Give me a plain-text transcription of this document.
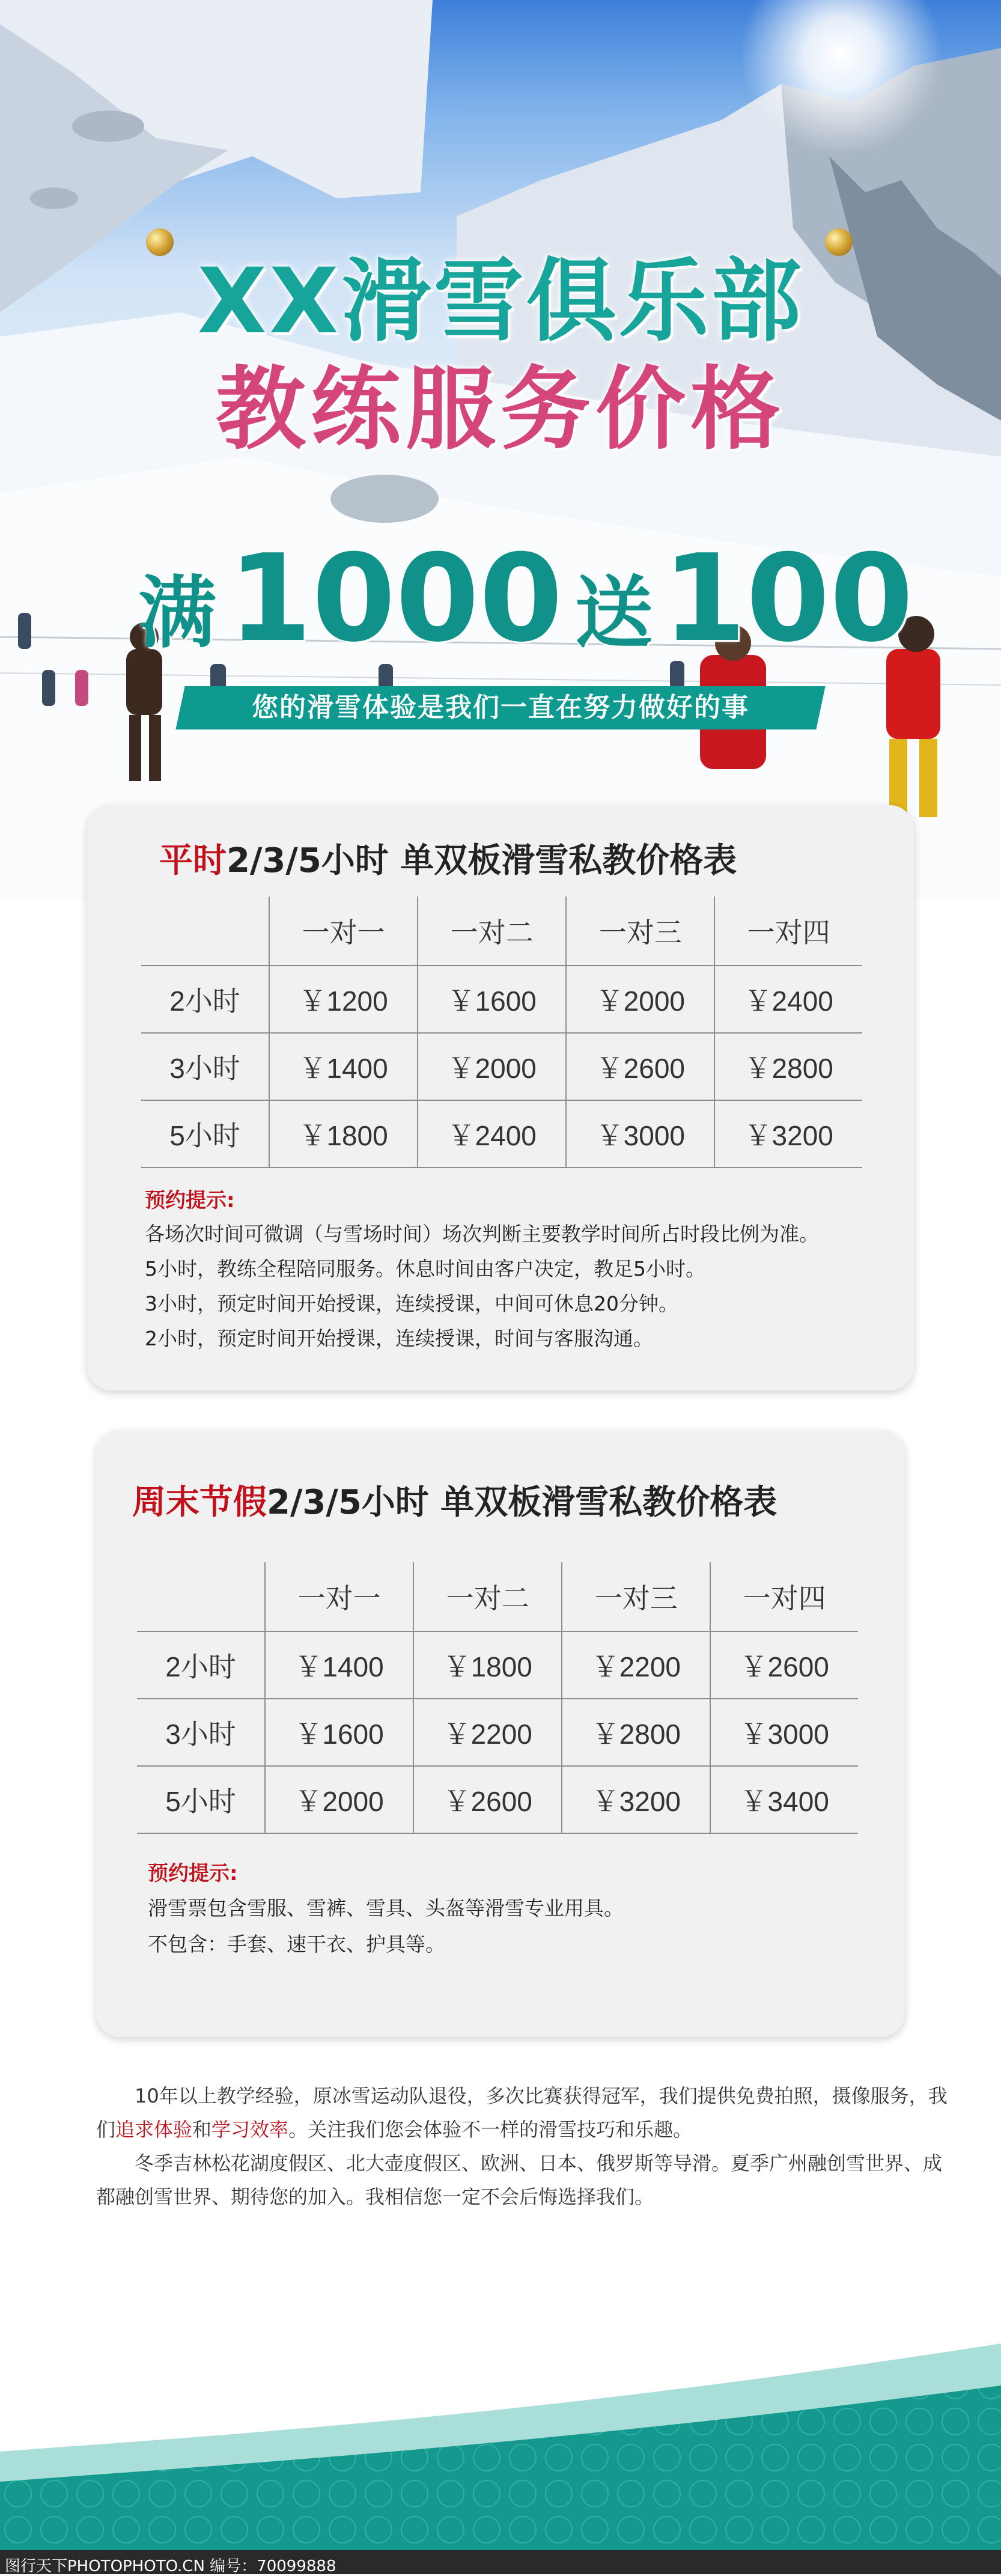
XX滑雪俱乐部
教练服务价格
满 1000 送100
您的滑雪体验是我们一直在努力做好的事
平时2/3/5小时 单双板滑雪私教价格表
	一对一	一对二	一对三	一对四
2小时	￥1200	￥1600	￥2000	￥2400
3小时	￥1400	￥2000	￥2600	￥2800
5小时	￥1800	￥2400	￥3000	￥3200
预约提示:
各场次时间可微调（与雪场时间）场次判断主要教学时间所占时段比例为准。
5小时，教练全程陪同服务。休息时间由客户决定，教足5小时。
3小时，预定时间开始授课，连续授课，中间可休息20分钟。
2小时，预定时间开始授课，连续授课，时间与客服沟通。
周末节假2/3/5小时 单双板滑雪私教价格表
	一对一	一对二	一对三	一对四
2小时	￥1400	￥1800	￥2200	￥2600
3小时	￥1600	￥2200	￥2800	￥3000
5小时	￥2000	￥2600	￥3200	￥3400
预约提示:
滑雪票包含雪服、雪裤、雪具、头盔等滑雪专业用具。
不包含：手套、速干衣、护具等。
10年以上教学经验，原冰雪运动队退役，多次比赛获得冠军，我们提供免费拍照，摄像服务，我
们追求体验和学习效率。关注我们您会体验不一样的滑雪技巧和乐趣。
冬季吉林松花湖度假区、北大壶度假区、欧洲、日本、俄罗斯等导滑。夏季广州融创雪世界、成
都融创雪世界、期待您的加入。我相信您一定不会后悔选择我们。
图行天下PHOTOPHOTO.CN 编号：70099888
